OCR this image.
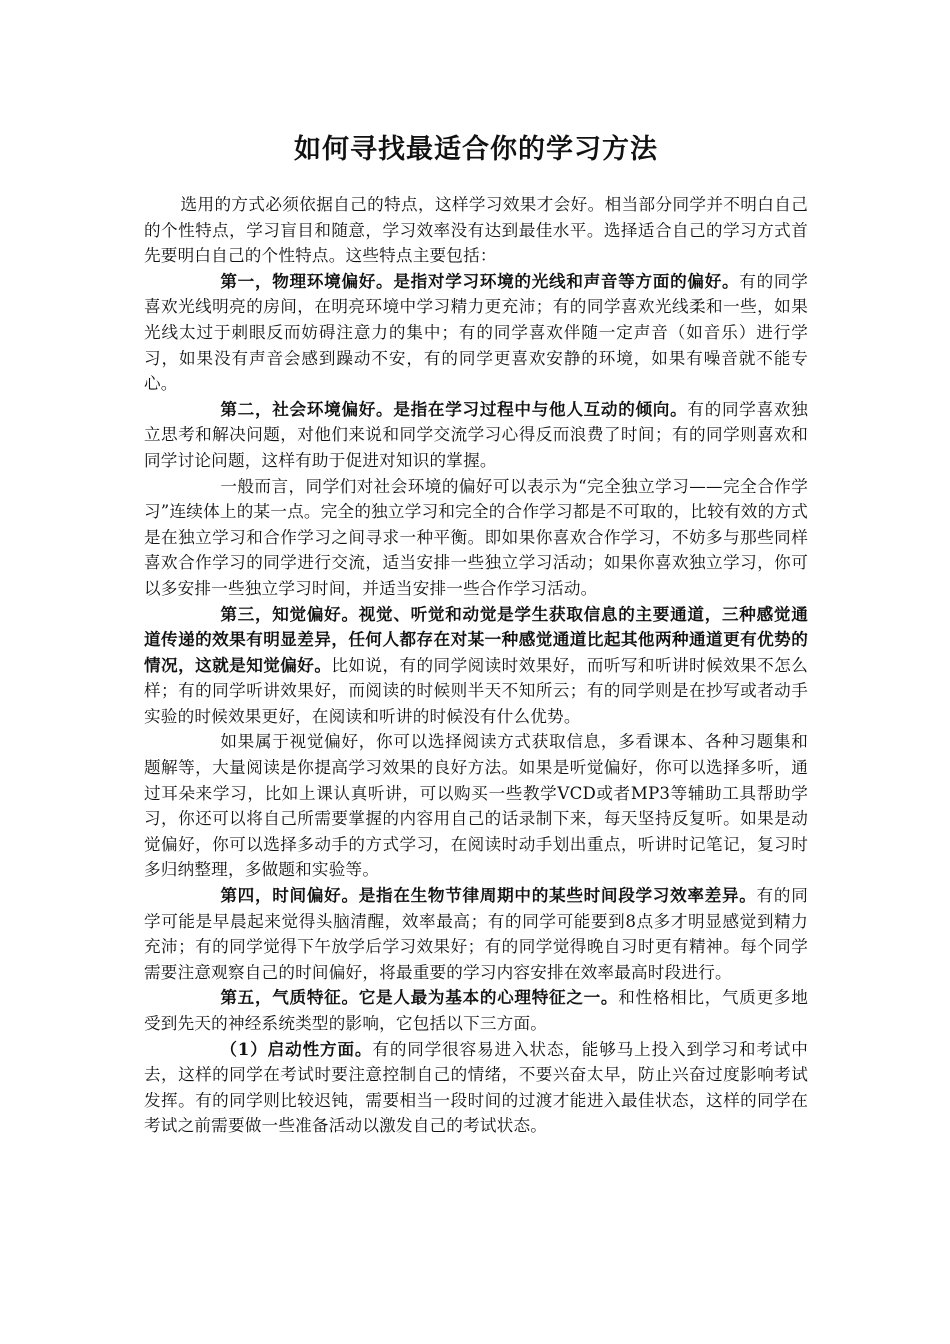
如何寻找最适合你的学习方法

选用的方式必须依据自己的特点，这样学习效果才会好。相当部分同学并不明白自己的个性特点，学习盲目和随意，学习效率没有达到最佳水平。选择适合自己的学习方式首先要明白自己的个性特点。这些特点主要包括：

第一，物理环境偏好。是指对学习环境的光线和声音等方面的偏好。有的同学喜欢光线明亮的房间，在明亮环境中学习精力更充沛；有的同学喜欢光线柔和一些，如果光线太过于刺眼反而妨碍注意力的集中；有的同学喜欢伴随一定声音（如音乐）进行学习，如果没有声音会感到躁动不安，有的同学更喜欢安静的环境，如果有噪音就不能专心。

第二，社会环境偏好。是指在学习过程中与他人互动的倾向。有的同学喜欢独立思考和解决问题，对他们来说和同学交流学习心得反而浪费了时间；有的同学则喜欢和同学讨论问题，这样有助于促进对知识的掌握。

一般而言，同学们对社会环境的偏好可以表示为“完全独立学习——完全合作学习”连续体上的某一点。完全的独立学习和完全的合作学习都是不可取的，比较有效的方式是在独立学习和合作学习之间寻求一种平衡。即如果你喜欢合作学习，不妨多与那些同样喜欢合作学习的同学进行交流，适当安排一些独立学习活动；如果你喜欢独立学习，你可以多安排一些独立学习时间，并适当安排一些合作学习活动。

第三，知觉偏好。视觉、听觉和动觉是学生获取信息的主要通道，三种感觉通道传递的效果有明显差异，任何人都存在对某一种感觉通道比起其他两种通道更有优势的情况，这就是知觉偏好。比如说，有的同学阅读时效果好，而听写和听讲时候效果不怎么样；有的同学听讲效果好，而阅读的时候则半天不知所云；有的同学则是在抄写或者动手实验的时候效果更好，在阅读和听讲的时候没有什么优势。

如果属于视觉偏好，你可以选择阅读方式获取信息，多看课本、各种习题集和题解等，大量阅读是你提高学习效果的良好方法。如果是听觉偏好，你可以选择多听，通过耳朵来学习，比如上课认真听讲，可以购买一些教学VCD或者MP3等辅助工具帮助学习，你还可以将自己所需要掌握的内容用自己的话录制下来，每天坚持反复听。如果是动觉偏好，你可以选择多动手的方式学习，在阅读时动手划出重点，听讲时记笔记，复习时多归纳整理，多做题和实验等。

第四，时间偏好。是指在生物节律周期中的某些时间段学习效率差异。有的同学可能是早晨起来觉得头脑清醒，效率最高；有的同学可能要到8点多才明显感觉到精力充沛；有的同学觉得下午放学后学习效果好；有的同学觉得晚自习时更有精神。每个同学需要注意观察自己的时间偏好，将最重要的学习内容安排在效率最高时段进行。

第五，气质特征。它是人最为基本的心理特征之一。和性格相比，气质更多地受到先天的神经系统类型的影响，它包括以下三方面。

（1）启动性方面。有的同学很容易进入状态，能够马上投入到学习和考试中去，这样的同学在考试时要注意控制自己的情绪，不要兴奋太早，防止兴奋过度影响考试发挥。有的同学则比较迟钝，需要相当一段时间的过渡才能进入最佳状态，这样的同学在考试之前需要做一些准备活动以激发自己的考试状态。
